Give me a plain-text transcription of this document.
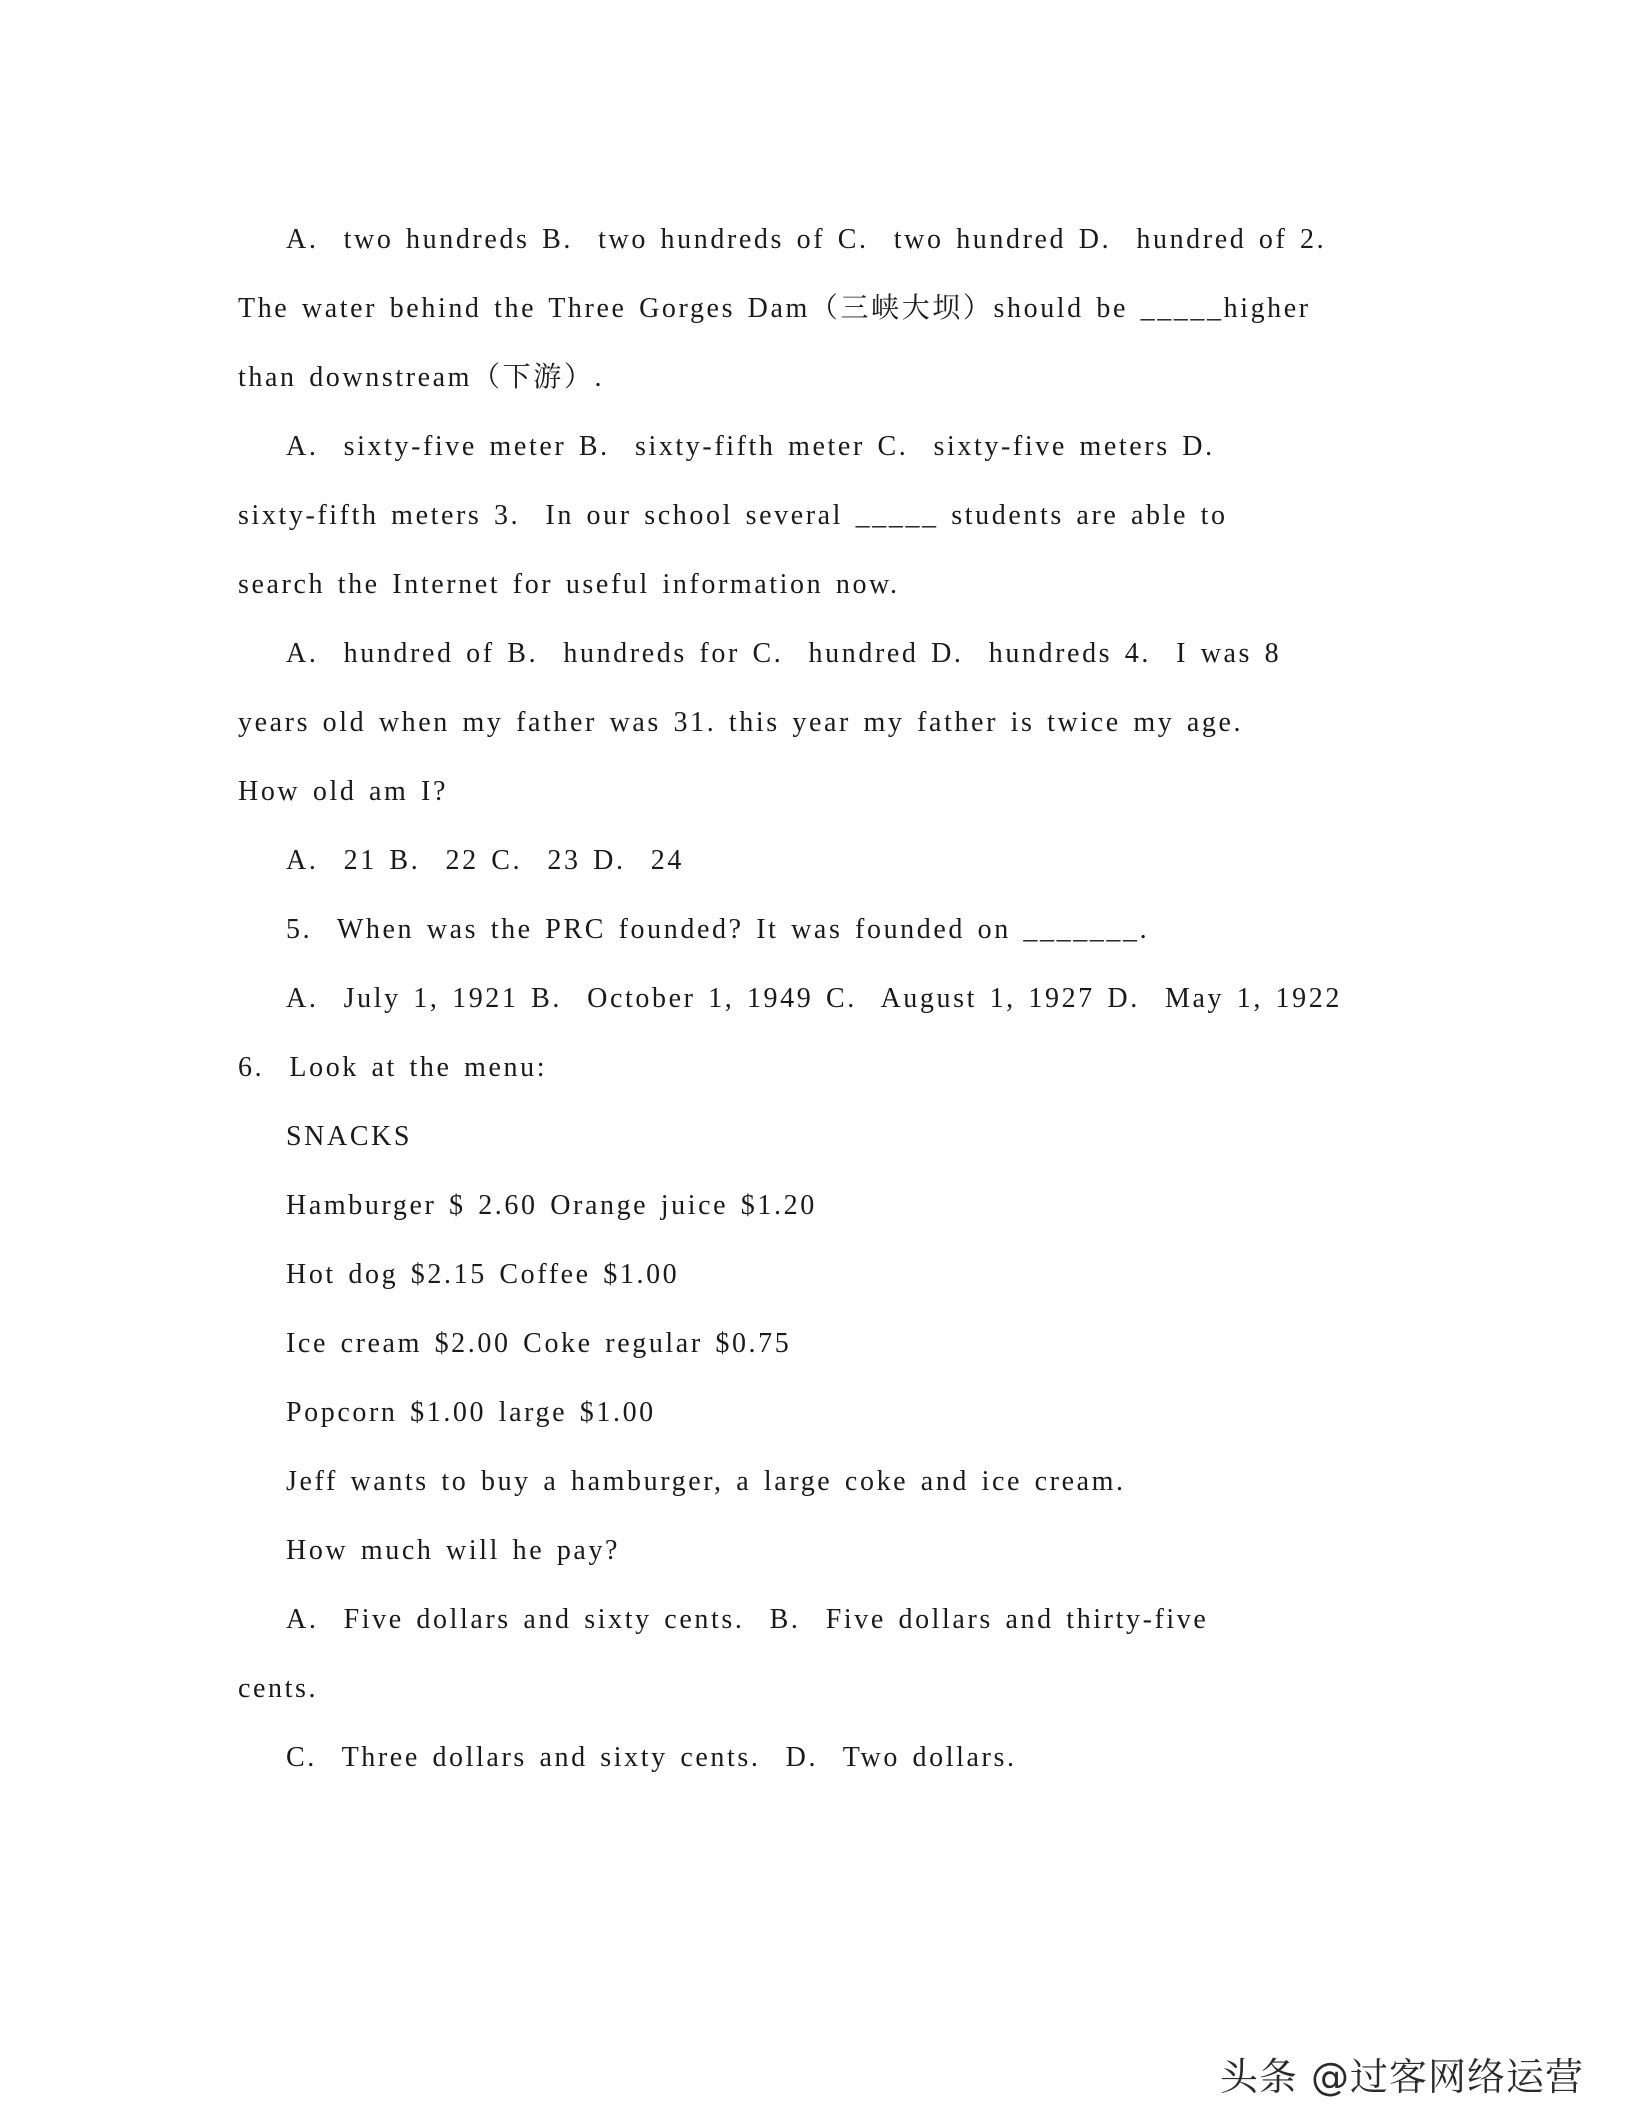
A.  two hundreds B.  two hundreds of C.  two hundred D.  hundred of 2.
The water behind the Three Gorges Dam（三峡大坝）should be _____higher
than downstream（下游）.
A.  sixty-five meter B.  sixty-fifth meter C.  sixty-five meters D.
sixty-fifth meters 3.  In our school several _____ students are able to
search the Internet for useful information now.
A.  hundred of B.  hundreds for C.  hundred D.  hundreds 4.  I was 8
years old when my father was 31. this year my father is twice my age.
How old am I?
A.  21 B.  22 C.  23 D.  24
5.  When was the PRC founded? It was founded on _______.
A.  July 1, 1921 B.  October 1, 1949 C.  August 1, 1927 D.  May 1, 1922
6.  Look at the menu:
SNACKS
Hamburger $ 2.60 Orange juice $1.20
Hot dog $2.15 Coffee $1.00
Ice cream $2.00 Coke regular $0.75
Popcorn $1.00 large $1.00
Jeff wants to buy a hamburger, a large coke and ice cream.
How much will he pay?
A.  Five dollars and sixty cents.  B.  Five dollars and thirty-five
cents.
C.  Three dollars and sixty cents.  D.  Two dollars.
头条 @过客网络运营
